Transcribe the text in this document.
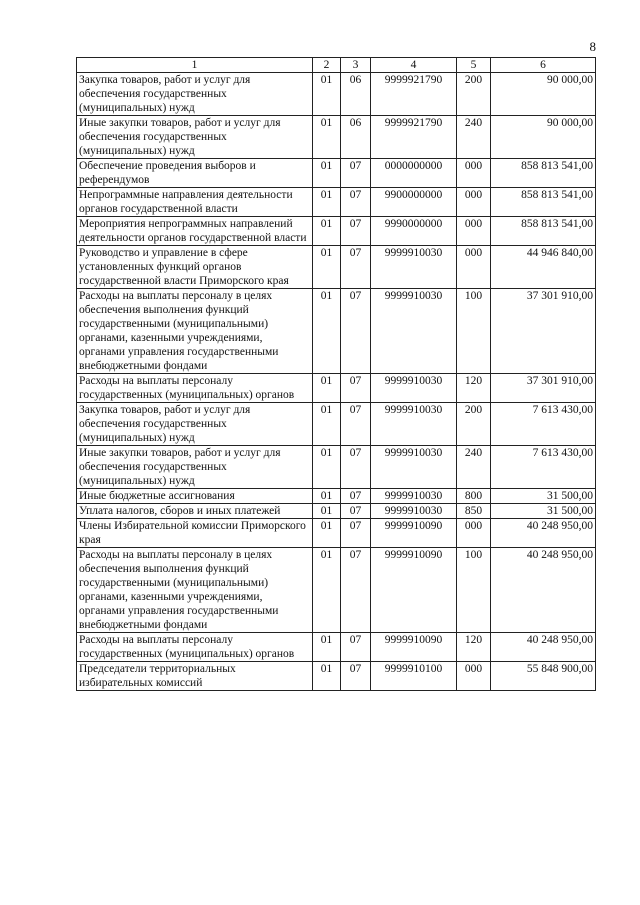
8
1	2	3	4	5	6
Закупка товаров, работ и услуг для обеспечения государственных (муниципальных) нужд	01	06	9999921790	200	90 000,00
Иные закупки товаров, работ и услуг для обеспечения государственных (муниципальных) нужд	01	06	9999921790	240	90 000,00
Обеспечение проведения выборов и референдумов	01	07	0000000000	000	858 813 541,00
Непрограммные направления деятельности органов государственной власти	01	07	9900000000	000	858 813 541,00
Мероприятия непрограммных направлений деятельности органов государственной власти	01	07	9990000000	000	858 813 541,00
Руководство и управление в сфере установленных функций органов государственной власти Приморского края	01	07	9999910030	000	44 946 840,00
Расходы на выплаты персоналу в целях обеспечения выполнения функций государственными (муниципальными) органами, казенными учреждениями, органами управления государственными внебюджетными фондами	01	07	9999910030	100	37 301 910,00
Расходы на выплаты персоналу государственных (муниципальных) органов	01	07	9999910030	120	37 301 910,00
Закупка товаров, работ и услуг для обеспечения государственных (муниципальных) нужд	01	07	9999910030	200	7 613 430,00
Иные закупки товаров, работ и услуг для обеспечения государственных (муниципальных) нужд	01	07	9999910030	240	7 613 430,00
Иные бюджетные ассигнования	01	07	9999910030	800	31 500,00
Уплата налогов, сборов и иных платежей	01	07	9999910030	850	31 500,00
Члены Избирательной комиссии Приморского края	01	07	9999910090	000	40 248 950,00
Расходы на выплаты персоналу в целях обеспечения выполнения функций государственными (муниципальными) органами, казенными учреждениями, органами управления государственными внебюджетными фондами	01	07	9999910090	100	40 248 950,00
Расходы на выплаты персоналу государственных (муниципальных) органов	01	07	9999910090	120	40 248 950,00
Председатели территориальных избирательных комиссий	01	07	9999910100	000	55 848 900,00
